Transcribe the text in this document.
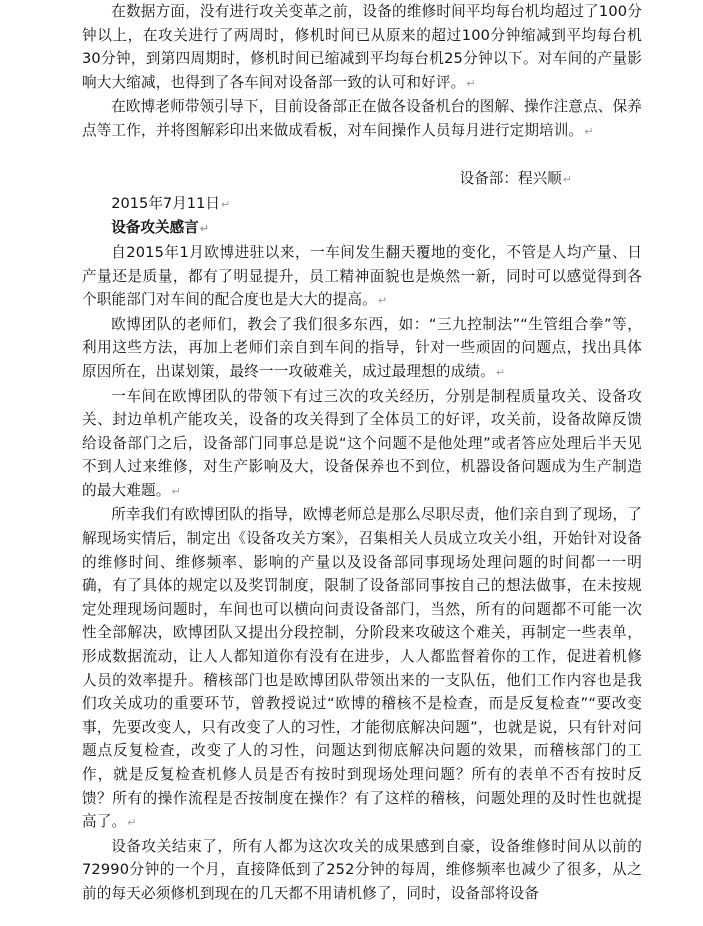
在数据方面，没有进行攻关变革之前，设备的维修时间平均每台机均超过了100分钟以上，在攻关进行了两周时，修机时间已从原来的超过100分钟缩减到平均每台机30分钟，到第四周期时，修机时间已缩减到平均每台机25分钟以下。对车间的产量影响大大缩减，也得到了各车间对设备部一致的认可和好评。↵

在欧博老师带领引导下，目前设备部正在做各设备机台的图解、操作注意点、保养点等工作，并将图解彩印出来做成看板，对车间操作人员每月进行定期培训。↵

设备部：程兴顺↵

2015年7月11日↵

设备攻关感言↵

自2015年1月欧博进驻以来，一车间发生翻天覆地的变化，不管是人均产量、日产量还是质量，都有了明显提升，员工精神面貌也是焕然一新，同时可以感觉得到各个职能部门对车间的配合度也是大大的提高。↵

欧博团队的老师们，教会了我们很多东西，如：“三九控制法”“生管组合拳”等，利用这些方法，再加上老师们亲自到车间的指导，针对一些顽固的问题点，找出具体原因所在，出谋划策，最终一一攻破难关，成过最理想的成绩。↵

一车间在欧博团队的带领下有过三次的攻关经历，分别是制程质量攻关、设备攻关、封边单机产能攻关，设备的攻关得到了全体员工的好评，攻关前，设备故障反馈给设备部门之后，设备部门同事总是说“这个问题不是他处理”或者答应处理后半天见不到人过来维修，对生产影响及大，设备保养也不到位，机器设备问题成为生产制造的最大难题。↵

所幸我们有欧博团队的指导，欧博老师总是那么尽职尽责，他们亲自到了现场，了解现场实情后，制定出《设备攻关方案》，召集相关人员成立攻关小组，开始针对设备的维修时间、维修频率、影响的产量以及设备部同事现场处理问题的时间都一一明确，有了具体的规定以及奖罚制度，限制了设备部同事按自己的想法做事，在未按规定处理现场问题时，车间也可以横向问责设备部门，当然，所有的问题都不可能一次性全部解决，欧博团队又提出分段控制，分阶段来攻破这个难关，再制定一些表单，形成数据流动，让人人都知道你有没有在进步，人人都监督着你的工作，促进着机修人员的效率提升。稽核部门也是欧博团队带领出来的一支队伍，他们工作内容也是我们攻关成功的重要环节，曾教授说过“欧博的稽核不是检查，而是反复检查”“要改变事，先要改变人，只有改变了人的习性，才能彻底解决问题”，也就是说，只有针对问题点反复检查，改变了人的习性，问题达到彻底解决问题的效果，而稽核部门的工作，就是反复检查机修人员是否有按时到现场处理问题？所有的表单不否有按时反馈？所有的操作流程是否按制度在操作？有了这样的稽核，问题处理的及时性也就提高了。↵

设备攻关结束了，所有人都为这次攻关的成果感到自豪，设备维修时间从以前的72990分钟的一个月，直接降低到了252分钟的每周，维修频率也减少了很多，从之前的每天必须修机到现在的几天都不用请机修了，同时，设备部将设备
